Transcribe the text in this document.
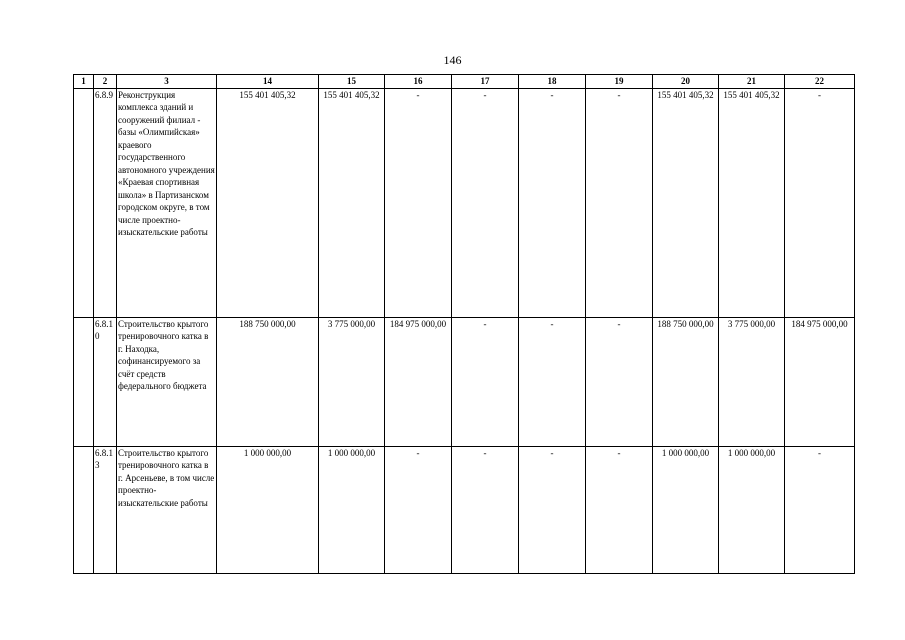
146
1	2	3	14	15	16	17	18	19	20	21	22
	6.8.9	Реконструкция комплекса зданий и сооружений филиал - базы «Олимпийская» краевого государственного автономного учреждения «Краевая спортивная школа» в Партизанском городском округе, в том числе проектно-изыскательские работы	155 401 405,32	155 401 405,32	-	-	-	-	155 401 405,32	155 401 405,32	-
	6.8.10	Строительство крытого тренировочного катка в г. Находка, софинансируемого за счёт средств федерального бюджета	188 750 000,00	3 775 000,00	184 975 000,00	-	-	-	188 750 000,00	3 775 000,00	184 975 000,00
	6.8.13	Строительство крытого тренировочного катка в г. Арсеньеве, в том числе проектно-изыскательские работы	1 000 000,00	1 000 000,00	-	-	-	-	1 000 000,00	1 000 000,00	-
